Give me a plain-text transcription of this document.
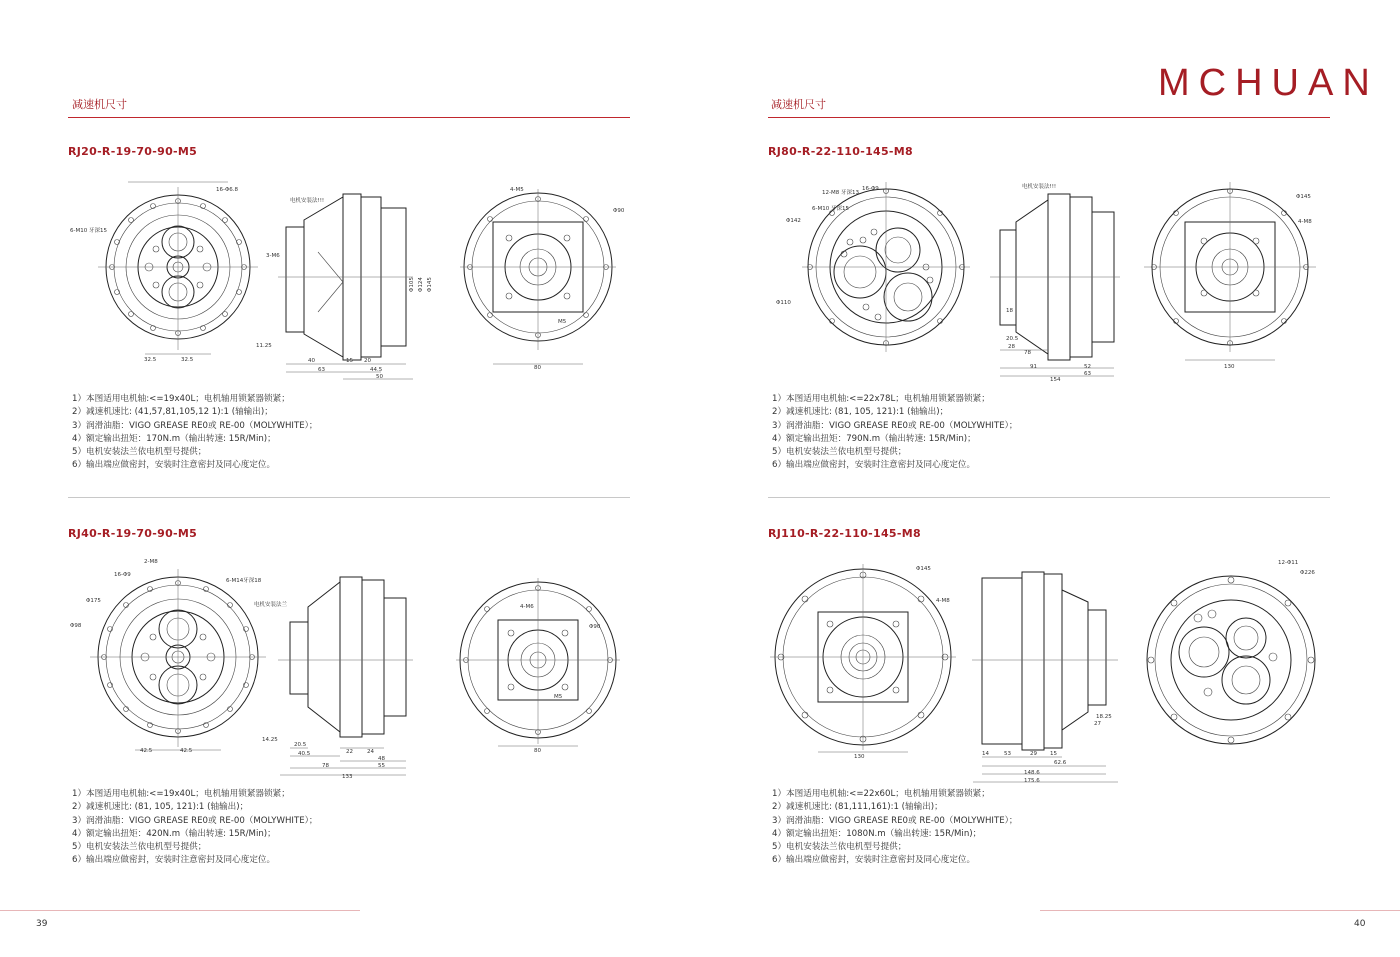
MCHUAN
减速机尺寸	减速机尺寸
RJ20-R-19-70-90-M5
16-Φ6.8
6-M10 牙深15
32.5	32.5
11.25
电机安装法!!!
3-M6
40
63
15 20
44.5
50
Φ105 Φ124 Φ145
4-M5
M5
80
Φ90
1）本图适用电机轴:<=19x40L；电机轴用锁紧器锁紧；
2）减速机速比: (41,57,81,105,12 1):1 (轴输出)；
3）润滑油脂：VIGO GREASE RE0或 RE-00（MOLYWHITE）；
4）额定输出扭矩：170N.m（输出转速: 15R/Min)；
5）电机安装法兰依电机型号提供；
6）输出端应做密封，安装时注意密封及同心度定位。
RJ40-R-19-70-90-M5
2-M8
16-Φ9
6-M14牙深18
Φ175
Φ98
42.5	42.5
电机安装法兰
14.25
20.5
40.5	22	24
48
55
78
133
4-M6
M5
80
Φ90
1）本图适用电机轴:<=19x40L；电机轴用锁紧器锁紧；
2）减速机速比: (81, 105, 121):1 (轴输出)；
3）润滑油脂：VIGO GREASE RE0或 RE-00（MOLYWHITE）；
4）额定输出扭矩：420N.m（输出转速: 15R/Min)；
5）电机安装法兰依电机型号提供；
6）输出端应做密封，安装时注意密封及同心度定位。
RJ80-R-22-110-145-M8
12-M8 牙深13
16-Φ9
6-M10 牙深15
Φ142
Φ110
电机安装法!!!
20.5
28
18
78
52
63
91
154
Φ145
4-M8
130
1）本图适用电机轴:<=22x78L；电机轴用锁紧器锁紧；
2）减速机速比: (81, 105, 121):1 (轴输出)；
3）润滑油脂：VIGO GREASE RE0或 RE-00（MOLYWHITE）；
4）额定输出扭矩：790N.m（输出转速: 15R/Min)；
5）电机安装法兰依电机型号提供；
6）输出端应做密封，安装时注意密封及同心度定位。
RJ110-R-22-110-145-M8
Φ145
4-M8
130	14	53	29 15
62.6
148.6
175.6
18.25
27
12-Φ11
Φ226
1）本图适用电机轴:<=22x60L；电机轴用锁紧器锁紧；
2）减速机速比: (81,111,161):1 (轴输出)；
3）润滑油脂：VIGO GREASE RE0或 RE-00（MOLYWHITE）；
4）额定输出扭矩：1080N.m（输出转速: 15R/Min)；
5）电机安装法兰依电机型号提供；
6）输出端应做密封，安装时注意密封及同心度定位。
39	40
